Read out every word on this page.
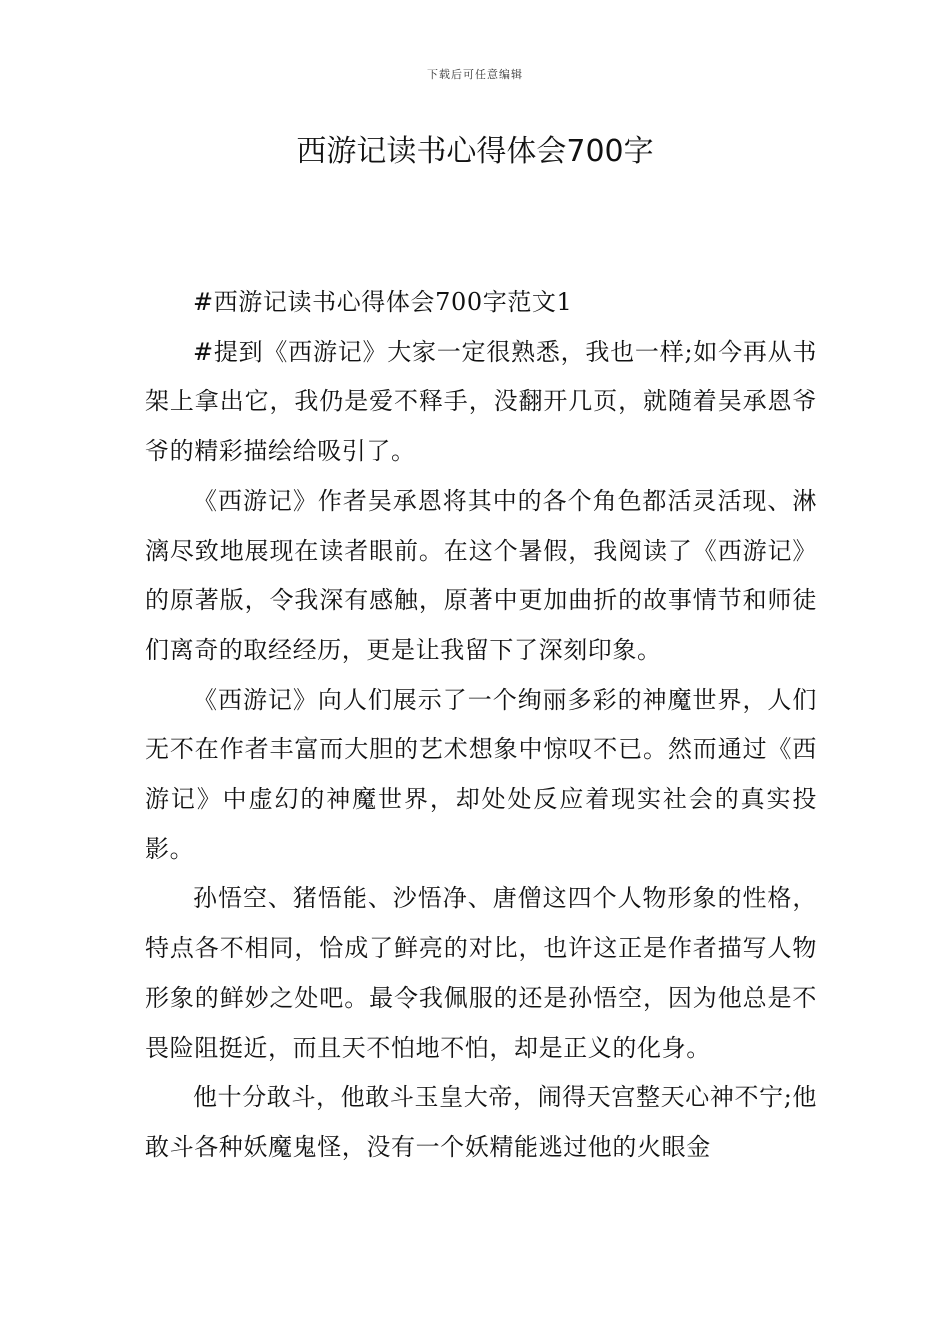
下载后可任意编辑
西游记读书心得体会700字

#西游记读书心得体会700字范文1

#提到《西游记》大家一定很熟悉，我也一样;如今再从书架上拿出它，我仍是爱不释手，没翻开几页，就随着吴承恩爷爷的精彩描绘给吸引了。

《西游记》作者吴承恩将其中的各个角色都活灵活现、淋漓尽致地展现在读者眼前。在这个暑假，我阅读了《西游记》的原著版，令我深有感触，原著中更加曲折的故事情节和师徒们离奇的取经经历，更是让我留下了深刻印象。

《西游记》向人们展示了一个绚丽多彩的神魔世界，人们无不在作者丰富而大胆的艺术想象中惊叹不已。然而通过《西游记》中虚幻的神魔世界，却处处反应着现实社会的真实投影。

孙悟空、猪悟能、沙悟净、唐僧这四个人物形象的性格，特点各不相同，恰成了鲜亮的对比，也许这正是作者描写人物形象的鲜妙之处吧。最令我佩服的还是孙悟空，因为他总是不畏险阻挺近，而且天不怕地不怕，却是正义的化身。

他十分敢斗，他敢斗玉皇大帝，闹得天宫整天心神不宁;他敢斗各种妖魔鬼怪，没有一个妖精能逃过他的火眼金
